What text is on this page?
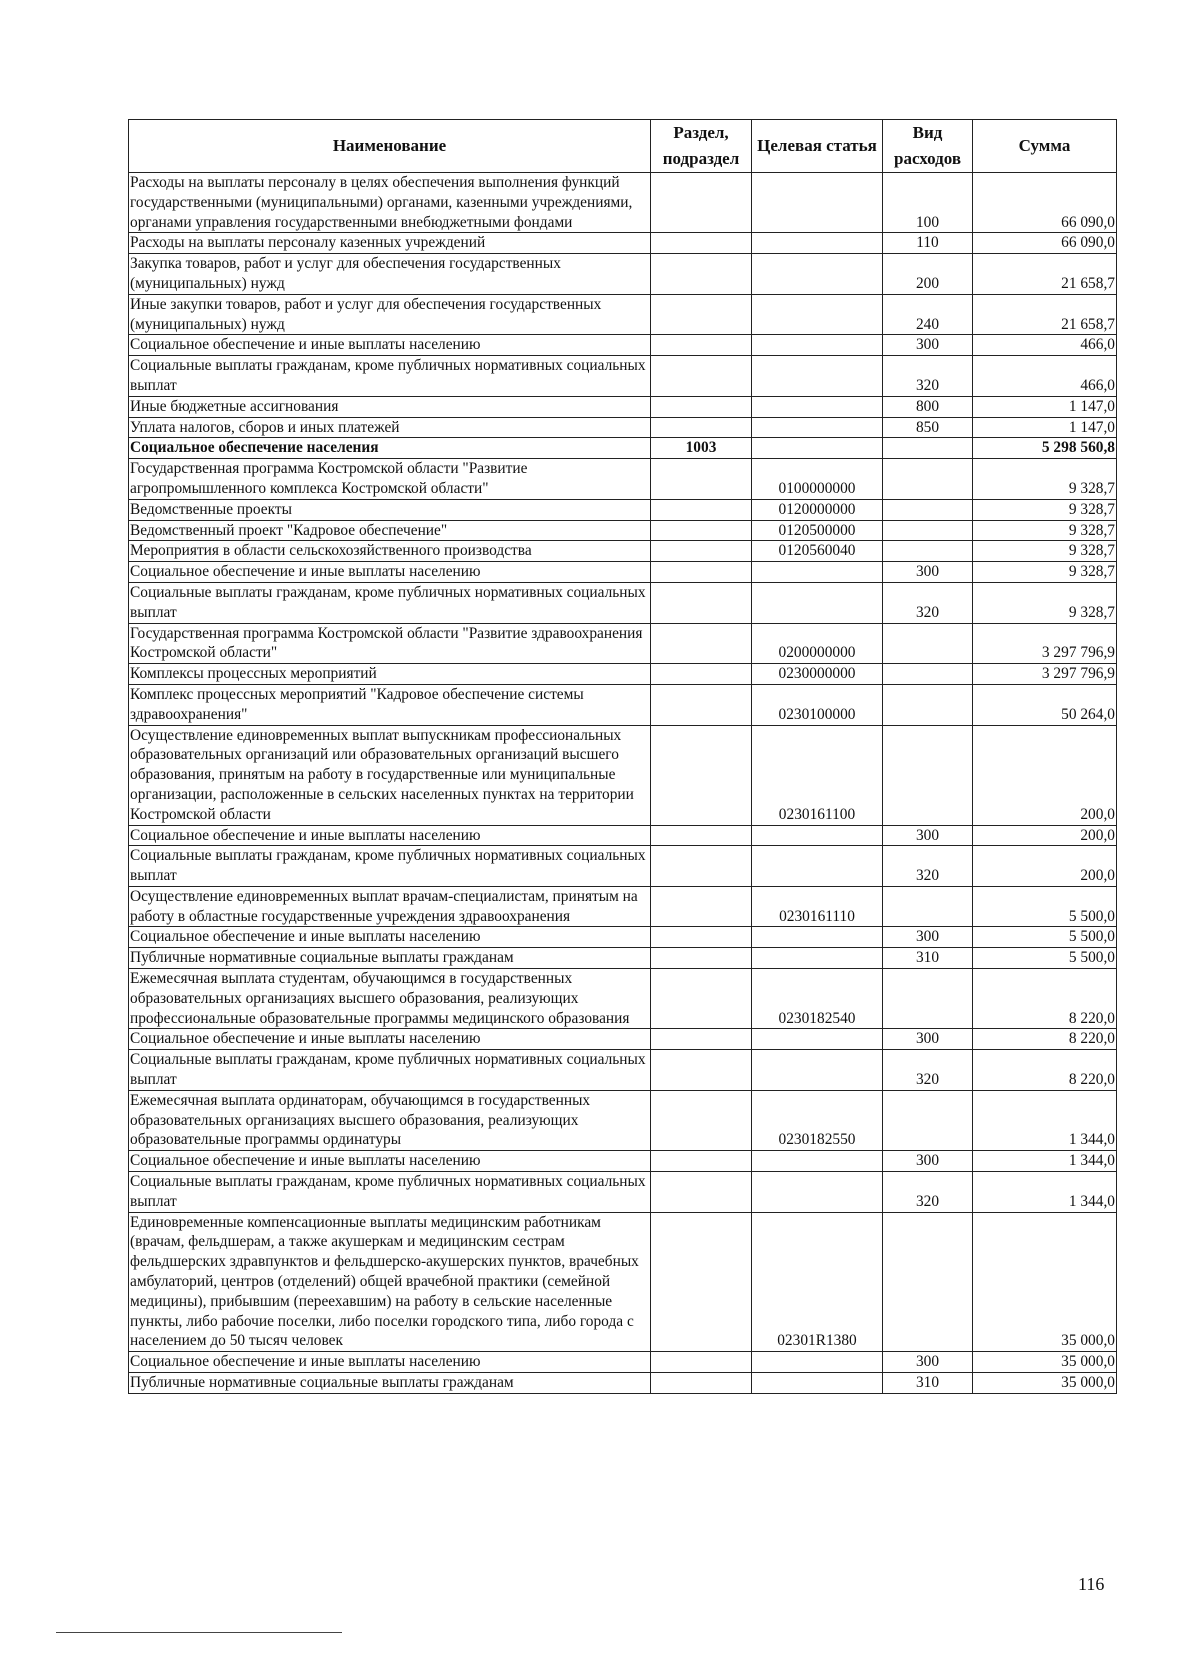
Наименование	Раздел, подраздел	Целевая статья	Вид расходов	Сумма
Расходы на выплаты персоналу в целях обеспечения выполнения функций государственными (муниципальными) органами, казенными учреждениями, органами управления государственными внебюджетными фондами			100	66 090,0
Расходы на выплаты персоналу казенных учреждений			110	66 090,0
Закупка товаров, работ и услуг для обеспечения государственных (муниципальных) нужд			200	21 658,7
Иные закупки товаров, работ и услуг для обеспечения государственных (муниципальных) нужд			240	21 658,7
Социальное обеспечение и иные выплаты населению			300	466,0
Социальные выплаты гражданам, кроме публичных нормативных социальных выплат			320	466,0
Иные бюджетные ассигнования			800	1 147,0
Уплата налогов, сборов и иных платежей			850	1 147,0
Социальное обеспечение населения	1003			5 298 560,8
Государственная программа Костромской области "Развитие агропромышленного комплекса Костромской области"		0100000000		9 328,7
Ведомственные проекты		0120000000		9 328,7
Ведомственный проект "Кадровое обеспечение"		0120500000		9 328,7
Мероприятия в области сельскохозяйственного производства		0120560040		9 328,7
Социальное обеспечение и иные выплаты населению			300	9 328,7
Социальные выплаты гражданам, кроме публичных нормативных социальных выплат			320	9 328,7
Государственная программа Костромской области "Развитие здравоохранения Костромской области"		0200000000		3 297 796,9
Комплексы процессных мероприятий		0230000000		3 297 796,9
Комплекс процессных мероприятий "Кадровое обеспечение системы здравоохранения"		0230100000		50 264,0
Осуществление единовременных выплат выпускникам профессиональных образовательных организаций или образовательных организаций высшего образования, принятым на работу в государственные или муниципальные организации, расположенные в сельских населенных пунктах на территории Костромской области		0230161100		200,0
Социальное обеспечение и иные выплаты населению			300	200,0
Социальные выплаты гражданам, кроме публичных нормативных социальных выплат			320	200,0
Осуществление единовременных выплат врачам-специалистам, принятым на работу в областные государственные учреждения здравоохранения		0230161110		5 500,0
Социальное обеспечение и иные выплаты населению			300	5 500,0
Публичные нормативные социальные выплаты гражданам			310	5 500,0
Ежемесячная выплата студентам, обучающимся в государственных образовательных организациях высшего образования, реализующих профессиональные образовательные программы медицинского образования		0230182540		8 220,0
Социальное обеспечение и иные выплаты населению			300	8 220,0
Социальные выплаты гражданам, кроме публичных нормативных социальных выплат			320	8 220,0
Ежемесячная выплата ординаторам, обучающимся в государственных образовательных организациях высшего образования, реализующих образовательные программы ординатуры		0230182550		1 344,0
Социальное обеспечение и иные выплаты населению			300	1 344,0
Социальные выплаты гражданам, кроме публичных нормативных социальных выплат			320	1 344,0
Единовременные компенсационные выплаты медицинским работникам (врачам, фельдшерам, а также акушеркам и медицинским сестрам фельдшерских здравпунктов и фельдшерско-акушерских пунктов, врачебных амбулаторий, центров (отделений) общей врачебной практики (семейной медицины), прибывшим (переехавшим) на работу в сельские населенные пункты, либо рабочие поселки, либо поселки городского типа, либо города с населением до 50 тысяч человек		02301R1380		35 000,0
Социальное обеспечение и иные выплаты населению			300	35 000,0
Публичные нормативные социальные выплаты гражданам			310	35 000,0
116
